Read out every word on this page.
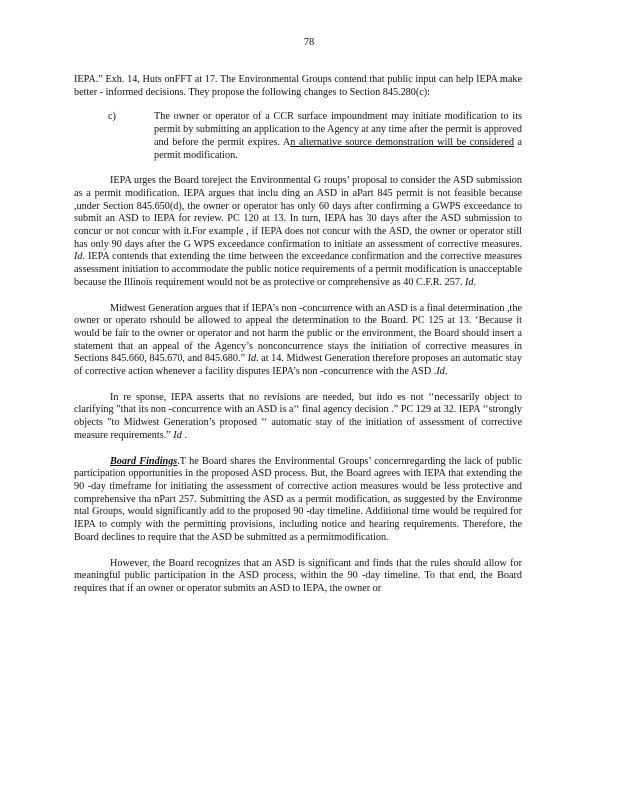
78

IEPA.” Exh. 14, Huts onFFT at 17. The Environmental Groups contend that public input can help IEPA make better - informed decisions. They propose the following changes to Section 845.280(c):

c)	The owner or operator of a CCR surface impoundment may initiate modification to its permit by submitting an application to the Agency at any time after the permit is approved and before the permit expires. An alternative source demonstration will be considered a permit modification.

IEPA urges the Board toreject the Environmental G roups’ proposal to consider the ASD submission as a permit modification. IEPA argues that inclu ding an ASD in aPart 845 permit is not feasible because ,under Section 845.650(d), the owner or operator has only 60 days after confirming a GWPS exceedance to submit an ASD to IEPA for review. PC 120 at 13. In turn, IEPA has 30 days after the ASD submission to concur or not concur with it.For example , if IEPA does not concur with the ASD, the owner or operator still has only 90 days after the G WPS exceedance confirmation to initiate an assessment of corrective measures. Id. IEPA contends that extending the time between the exceedance confirmation and the corrective measures assessment initiation to accommodate the public notice requirements of a permit modification is unacceptable because the Illinois requirement would not be as protective or comprehensive as 40 C.F.R. 257. Id.

Midwest Generation argues that if IEPA’s non -concurrence with an ASD is a final determination ,the owner or operato rshould be allowed to appeal the determination to the Board. PC 125 at 13. ‘Because it would be fair to the owner or operator and not harm the public or the environment, the Board should insert a statement that an appeal of the Agency’s nonconcurrence stays the initiation of corrective measures in Sections 845.660, 845.670, and 845.680.” Id. at 14. Midwest Generation therefore proposes an automatic stay of corrective action whenever a facility disputes IEPA’s non -concurrence with the ASD .Id.

In re sponse, IEPA asserts that no revisions are needed, but itdo es not ‘‘necessarily object to clarifying ”that its non -concurrence with an ASD is a‘‘ final agency decision .” PC 129 at 32. IEPA ‘‘strongly objects ”to Midwest Generation’s proposed ‘‘ automatic stay of the initiation of assessment of corrective measure requirements.” Id .

Board Findings.T he Board shares the Environmental Groups’ concernregarding the lack of public participation opportunities in the proposed ASD process. But, the Board agrees with IEPA that extending the 90 -day timeframe for initiating the assessment of corrective action measures would be less protective and comprehensive tha nPart 257. Submitting the ASD as a permit modification, as suggested by the Environme ntal Groups, would significantly add to the proposed 90 -day timeline. Additional time would be required for IEPA to comply with the permitting provisions, including notice and hearing requirements. Therefore, the Board declines to require that the ASD be submitted as a permitmodification.

However, the Board recognizes that an ASD is significant and finds that the rules should allow for meaningful public participation in the ASD process, within the 90 -day timeline. To that end, the Board requires that if an owner or operator submits an ASD to IEPA, the owner or
